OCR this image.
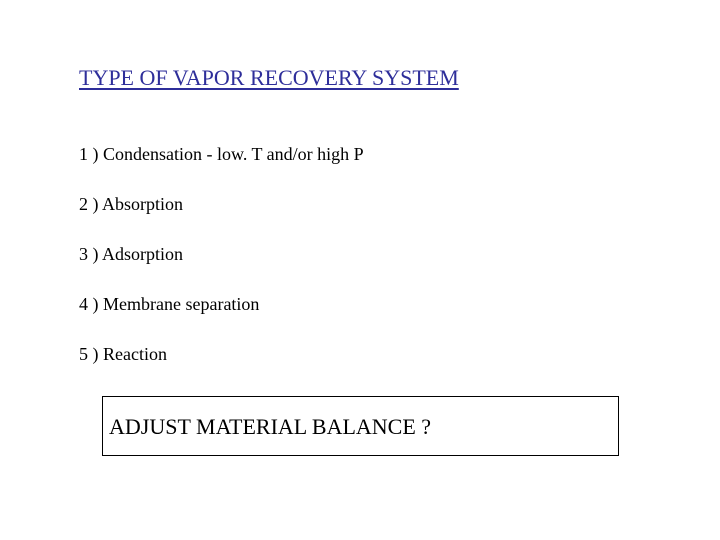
TYPE OF VAPOR RECOVERY SYSTEM
1 ) Condensation - low. T and/or high P
2 ) Absorption
3 ) Adsorption
4 ) Membrane separation
5 ) Reaction
ADJUST MATERIAL BALANCE ?
